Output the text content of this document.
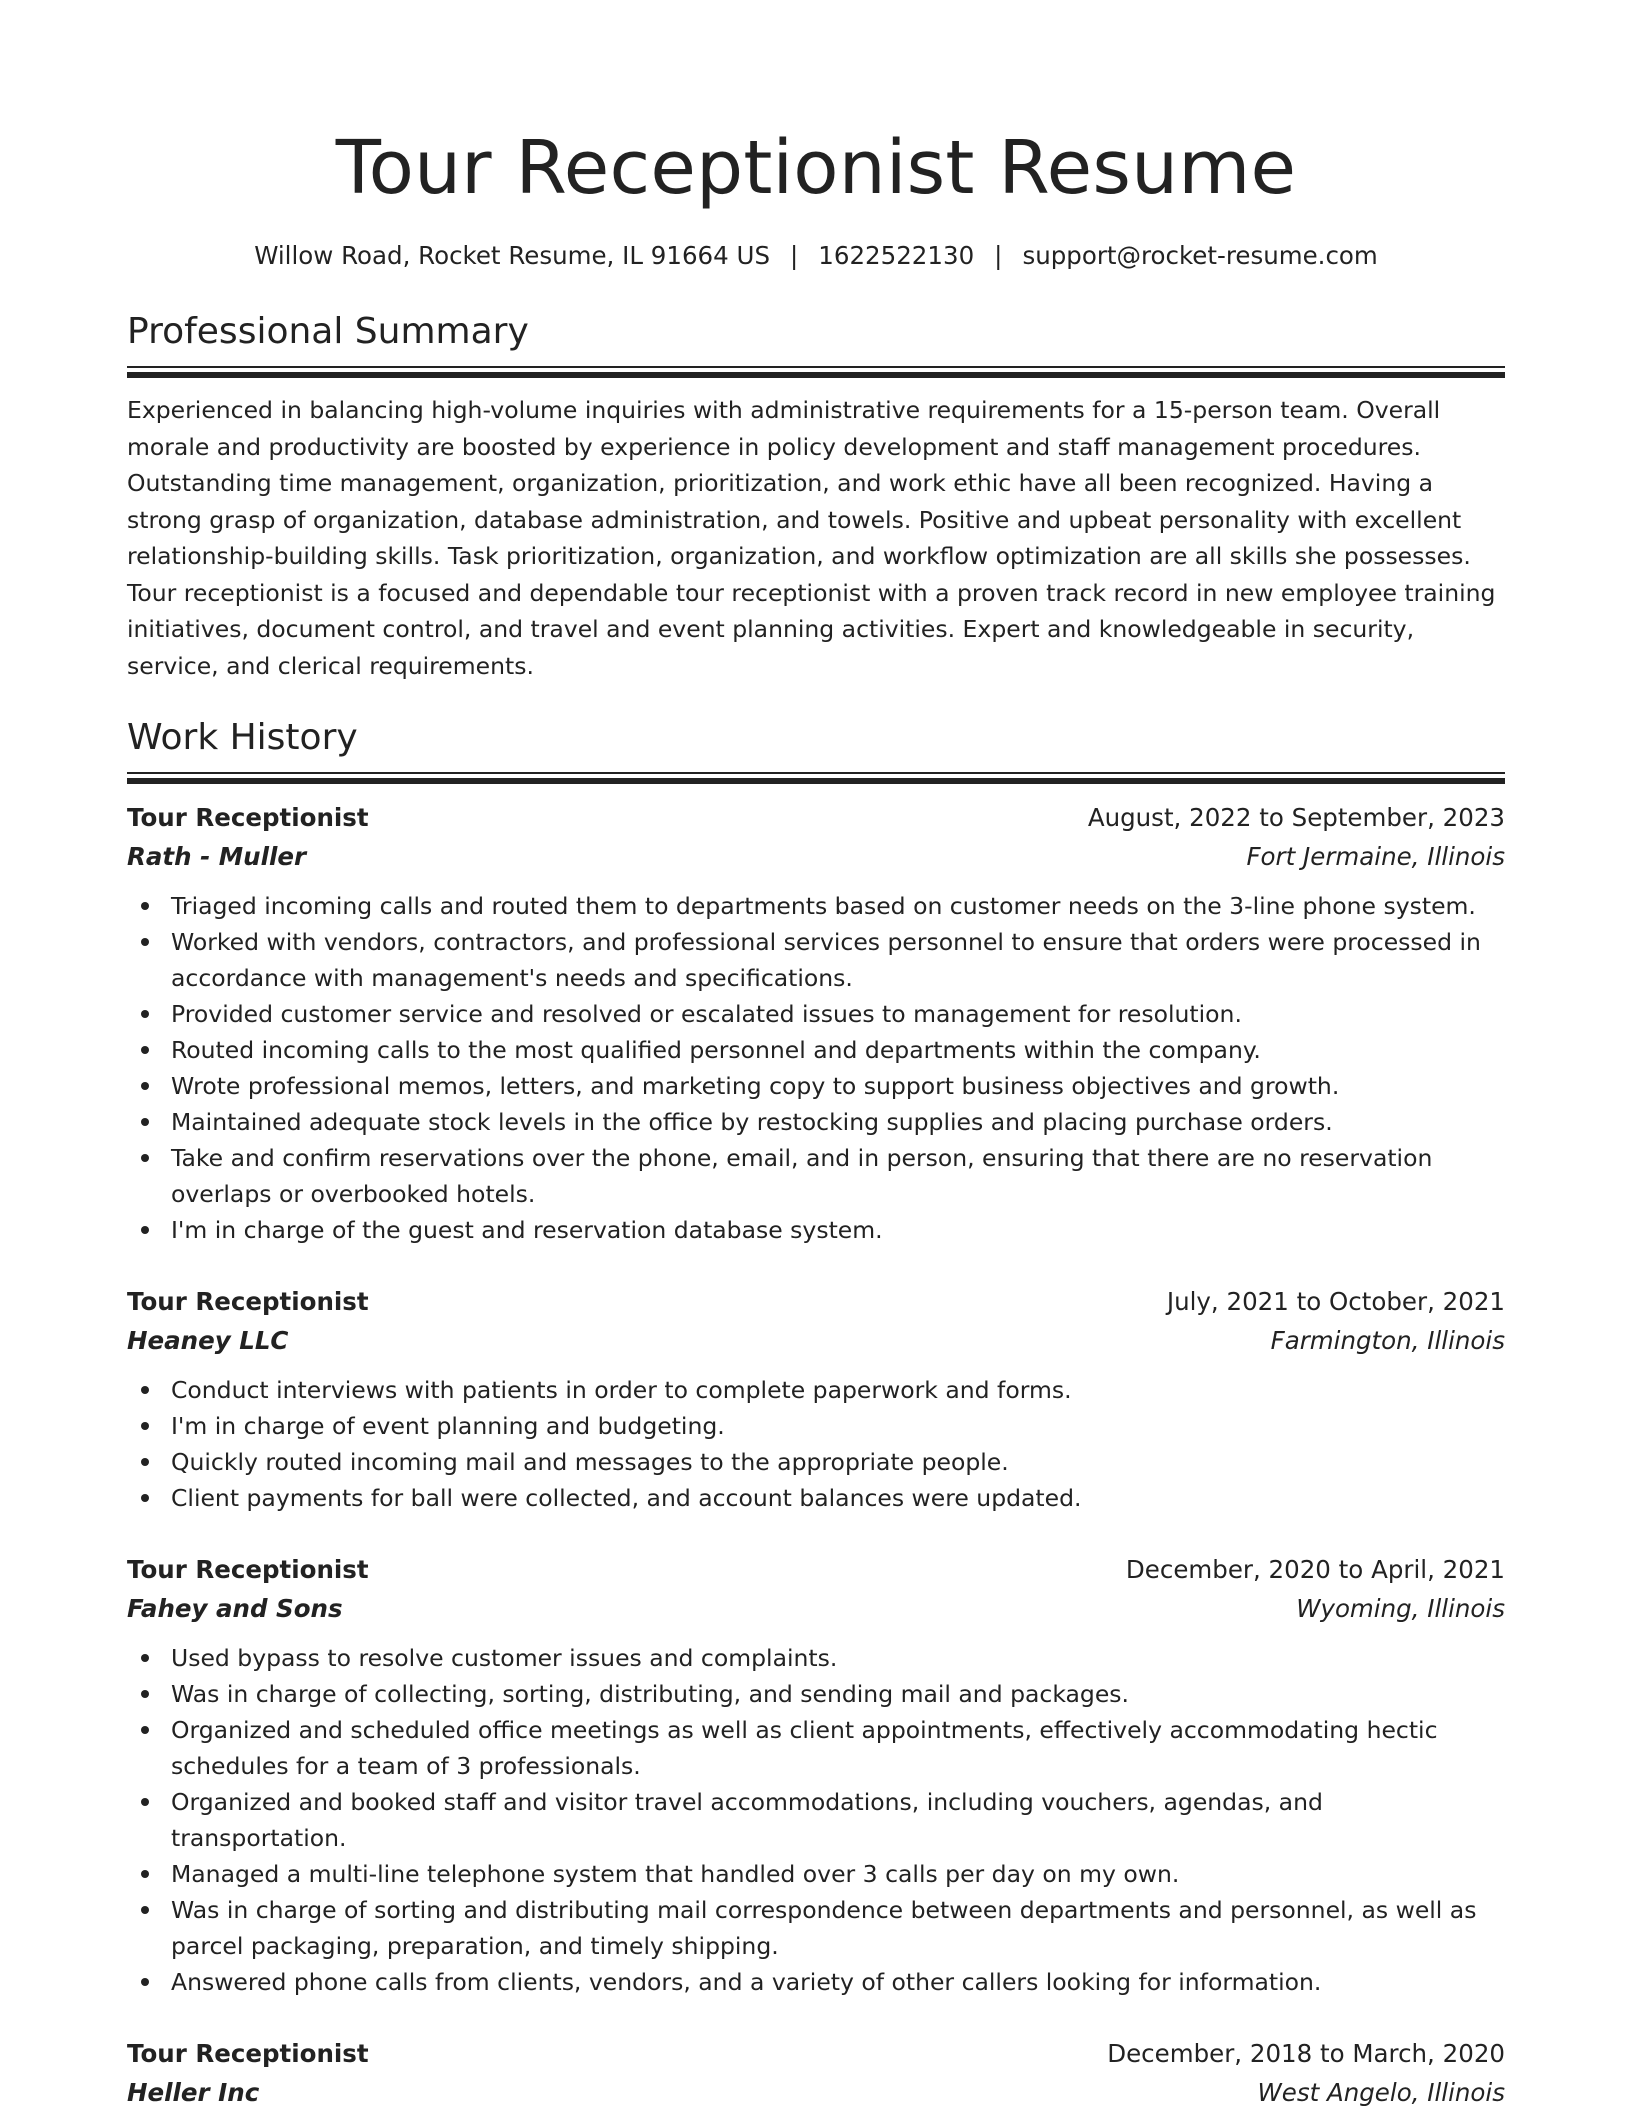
Tour Receptionist Resume
Willow Road, Rocket Resume, IL 91664 US | 1622522130 | support@rocket-resume.com
Professional Summary

Experienced in balancing high-volume inquiries with administrative requirements for a 15-person team. Overall morale and productivity are boosted by experience in policy development and staff management procedures. Outstanding time management, organization, prioritization, and work ethic have all been recognized. Having a strong grasp of organization, database administration, and towels. Positive and upbeat personality with excellent relationship-building skills. Task prioritization, organization, and workflow optimization are all skills she possesses. Tour receptionist is a focused and dependable tour receptionist with a proven track record in new employee training initiatives, document control, and travel and event planning activities. Expert and knowledgeable in security, service, and clerical requirements.

Work History
Tour Receptionist	August, 2022 to September, 2023
Rath - Muller	Fort Jermaine, Illinois
Triaged incoming calls and routed them to departments based on customer needs on the 3-line phone system.
Worked with vendors, contractors, and professional services personnel to ensure that orders were processed in accordance with management's needs and specifications.
Provided customer service and resolved or escalated issues to management for resolution.
Routed incoming calls to the most qualified personnel and departments within the company.
Wrote professional memos, letters, and marketing copy to support business objectives and growth.
Maintained adequate stock levels in the office by restocking supplies and placing purchase orders.
Take and confirm reservations over the phone, email, and in person, ensuring that there are no reservation overlaps or overbooked hotels.
I'm in charge of the guest and reservation database system.
Tour Receptionist	July, 2021 to October, 2021
Heaney LLC	Farmington, Illinois
Conduct interviews with patients in order to complete paperwork and forms.
I'm in charge of event planning and budgeting.
Quickly routed incoming mail and messages to the appropriate people.
Client payments for ball were collected, and account balances were updated.
Tour Receptionist	December, 2020 to April, 2021
Fahey and Sons	Wyoming, Illinois
Used bypass to resolve customer issues and complaints.
Was in charge of collecting, sorting, distributing, and sending mail and packages.
Organized and scheduled office meetings as well as client appointments, effectively accommodating hectic schedules for a team of 3 professionals.
Organized and booked staff and visitor travel accommodations, including vouchers, agendas, and transportation.
Managed a multi-line telephone system that handled over 3 calls per day on my own.
Was in charge of sorting and distributing mail correspondence between departments and personnel, as well as parcel packaging, preparation, and timely shipping.
Answered phone calls from clients, vendors, and a variety of other callers looking for information.
Tour Receptionist	December, 2018 to March, 2020
Heller Inc	West Angelo, Illinois
